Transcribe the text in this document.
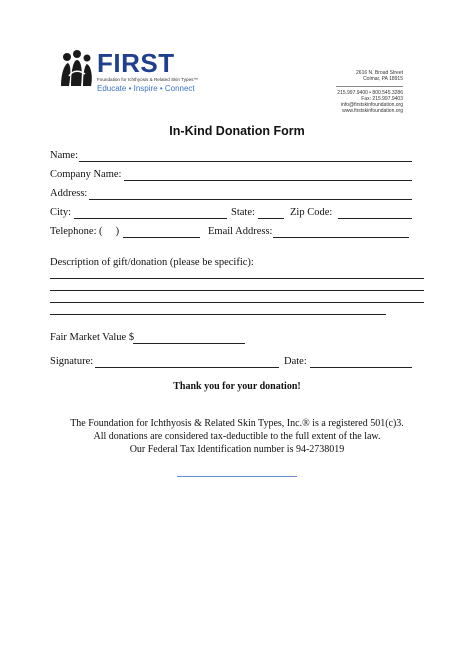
FIRST
Foundation for Ichthyosis & Related Skin Types™
Educate • Inspire • Connect
2616 N. Broad Street
Colmar, PA 18915
215.997.9400 • 800.545.3286
Fax: 215.997.9403
info@firstskinfoundation.org
www.firstskinfoundation.org
In-Kind Donation Form
Name:
Company Name:
Address:
City:	State:	Zip Code:
Telephone: (     )	Email Address:
Description of gift/donation (please be specific):
Fair Market Value $
Signature:	Date:
Thank you for your donation!
The Foundation for Ichthyosis & Related Skin Types, Inc.® is a registered 501(c)3.
All donations are considered tax-deductible to the full extent of the law.
Our Federal Tax Identification number is 94-2738019
